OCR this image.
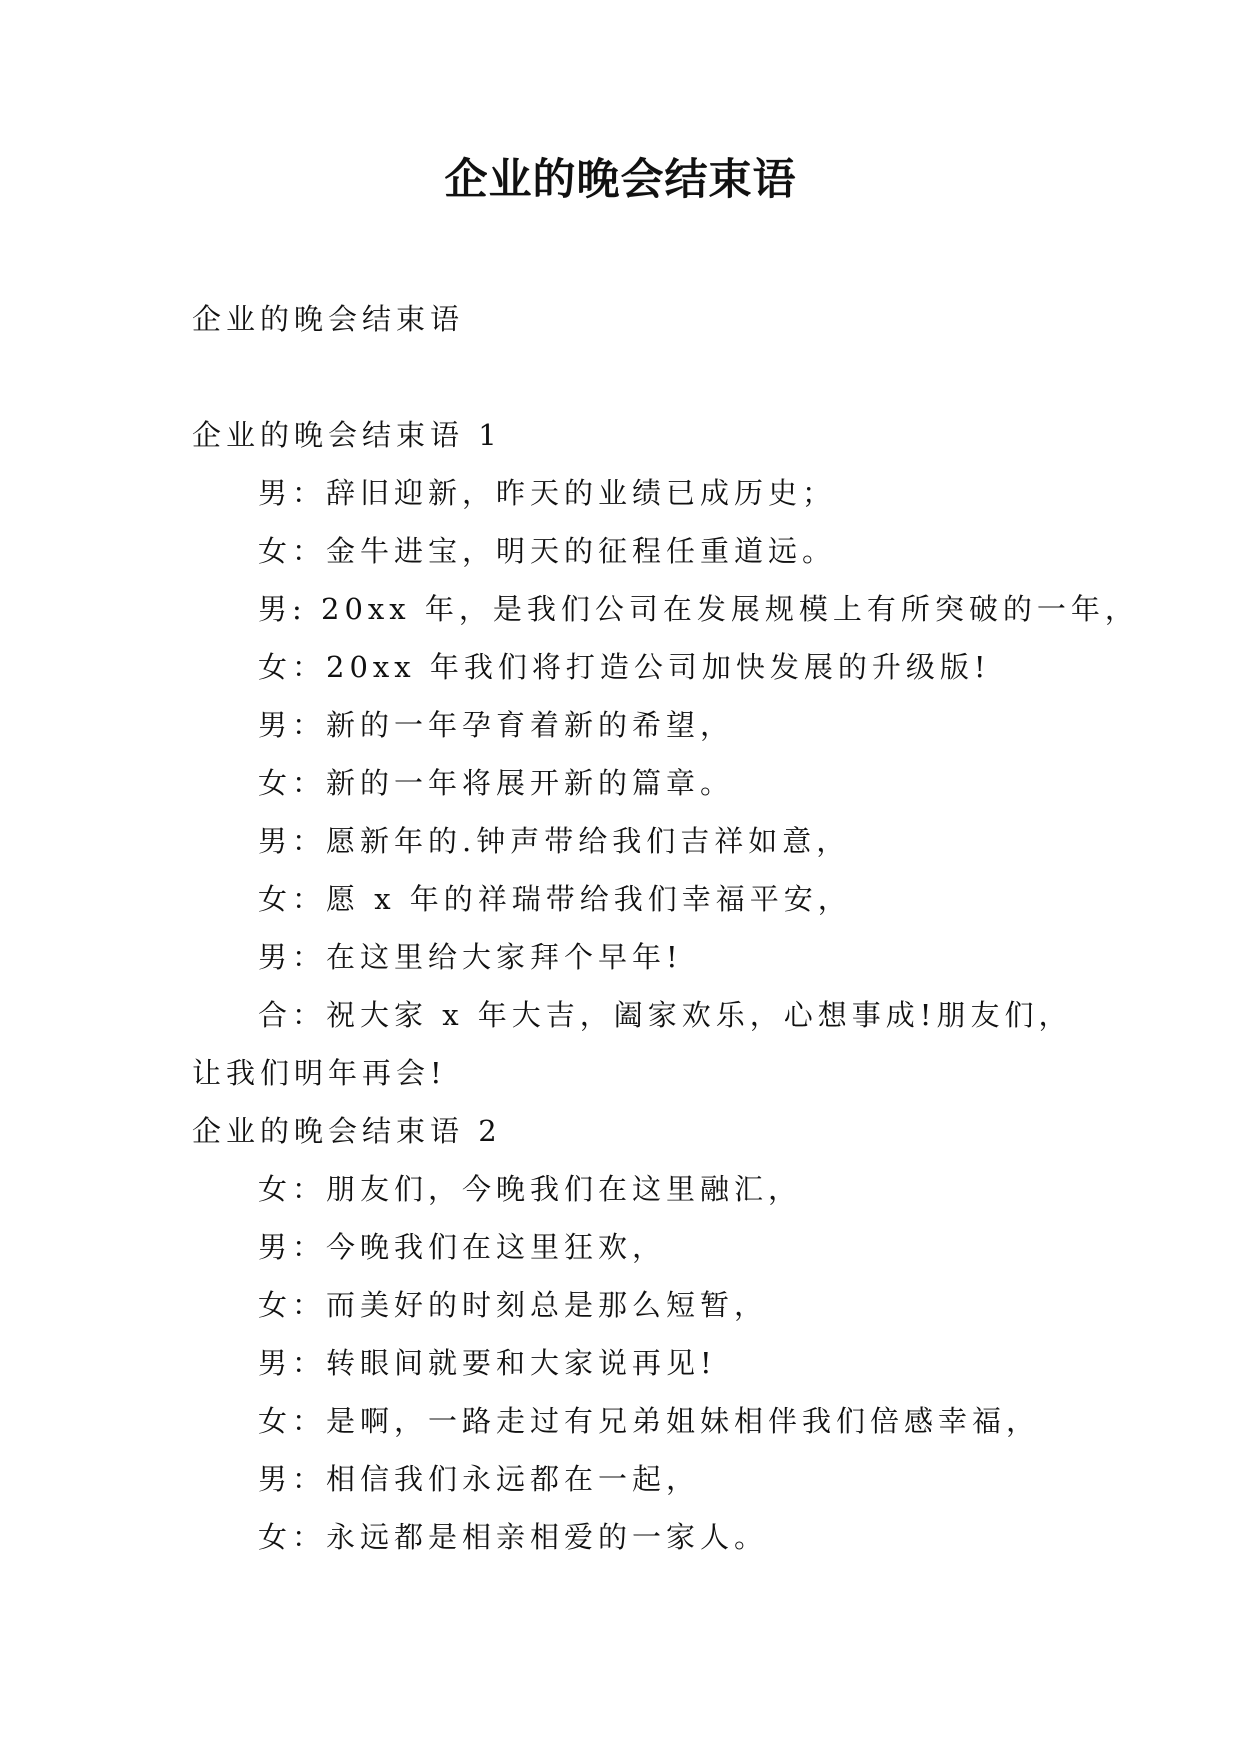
企业的晚会结束语
企业的晚会结束语
企业的晚会结束语 1
男：辞旧迎新，昨天的业绩已成历史；
女：金牛进宝，明天的征程任重道远。
男: 20xx 年，是我们公司在发展规模上有所突破的一年，
女：20xx 年我们将打造公司加快发展的升级版!
男：新的一年孕育着新的希望，
女：新的一年将展开新的篇章。
男：愿新年的.钟声带给我们吉祥如意，
女：愿 x 年的祥瑞带给我们幸福平安，
男：在这里给大家拜个早年!
合：祝大家 x 年大吉，阖家欢乐，心想事成!朋友们，
让我们明年再会!
企业的晚会结束语 2
女：朋友们，今晚我们在这里融汇，
男：今晚我们在这里狂欢，
女：而美好的时刻总是那么短暂，
男：转眼间就要和大家说再见!
女：是啊，一路走过有兄弟姐妹相伴我们倍感幸福，
男：相信我们永远都在一起，
女：永远都是相亲相爱的一家人。
